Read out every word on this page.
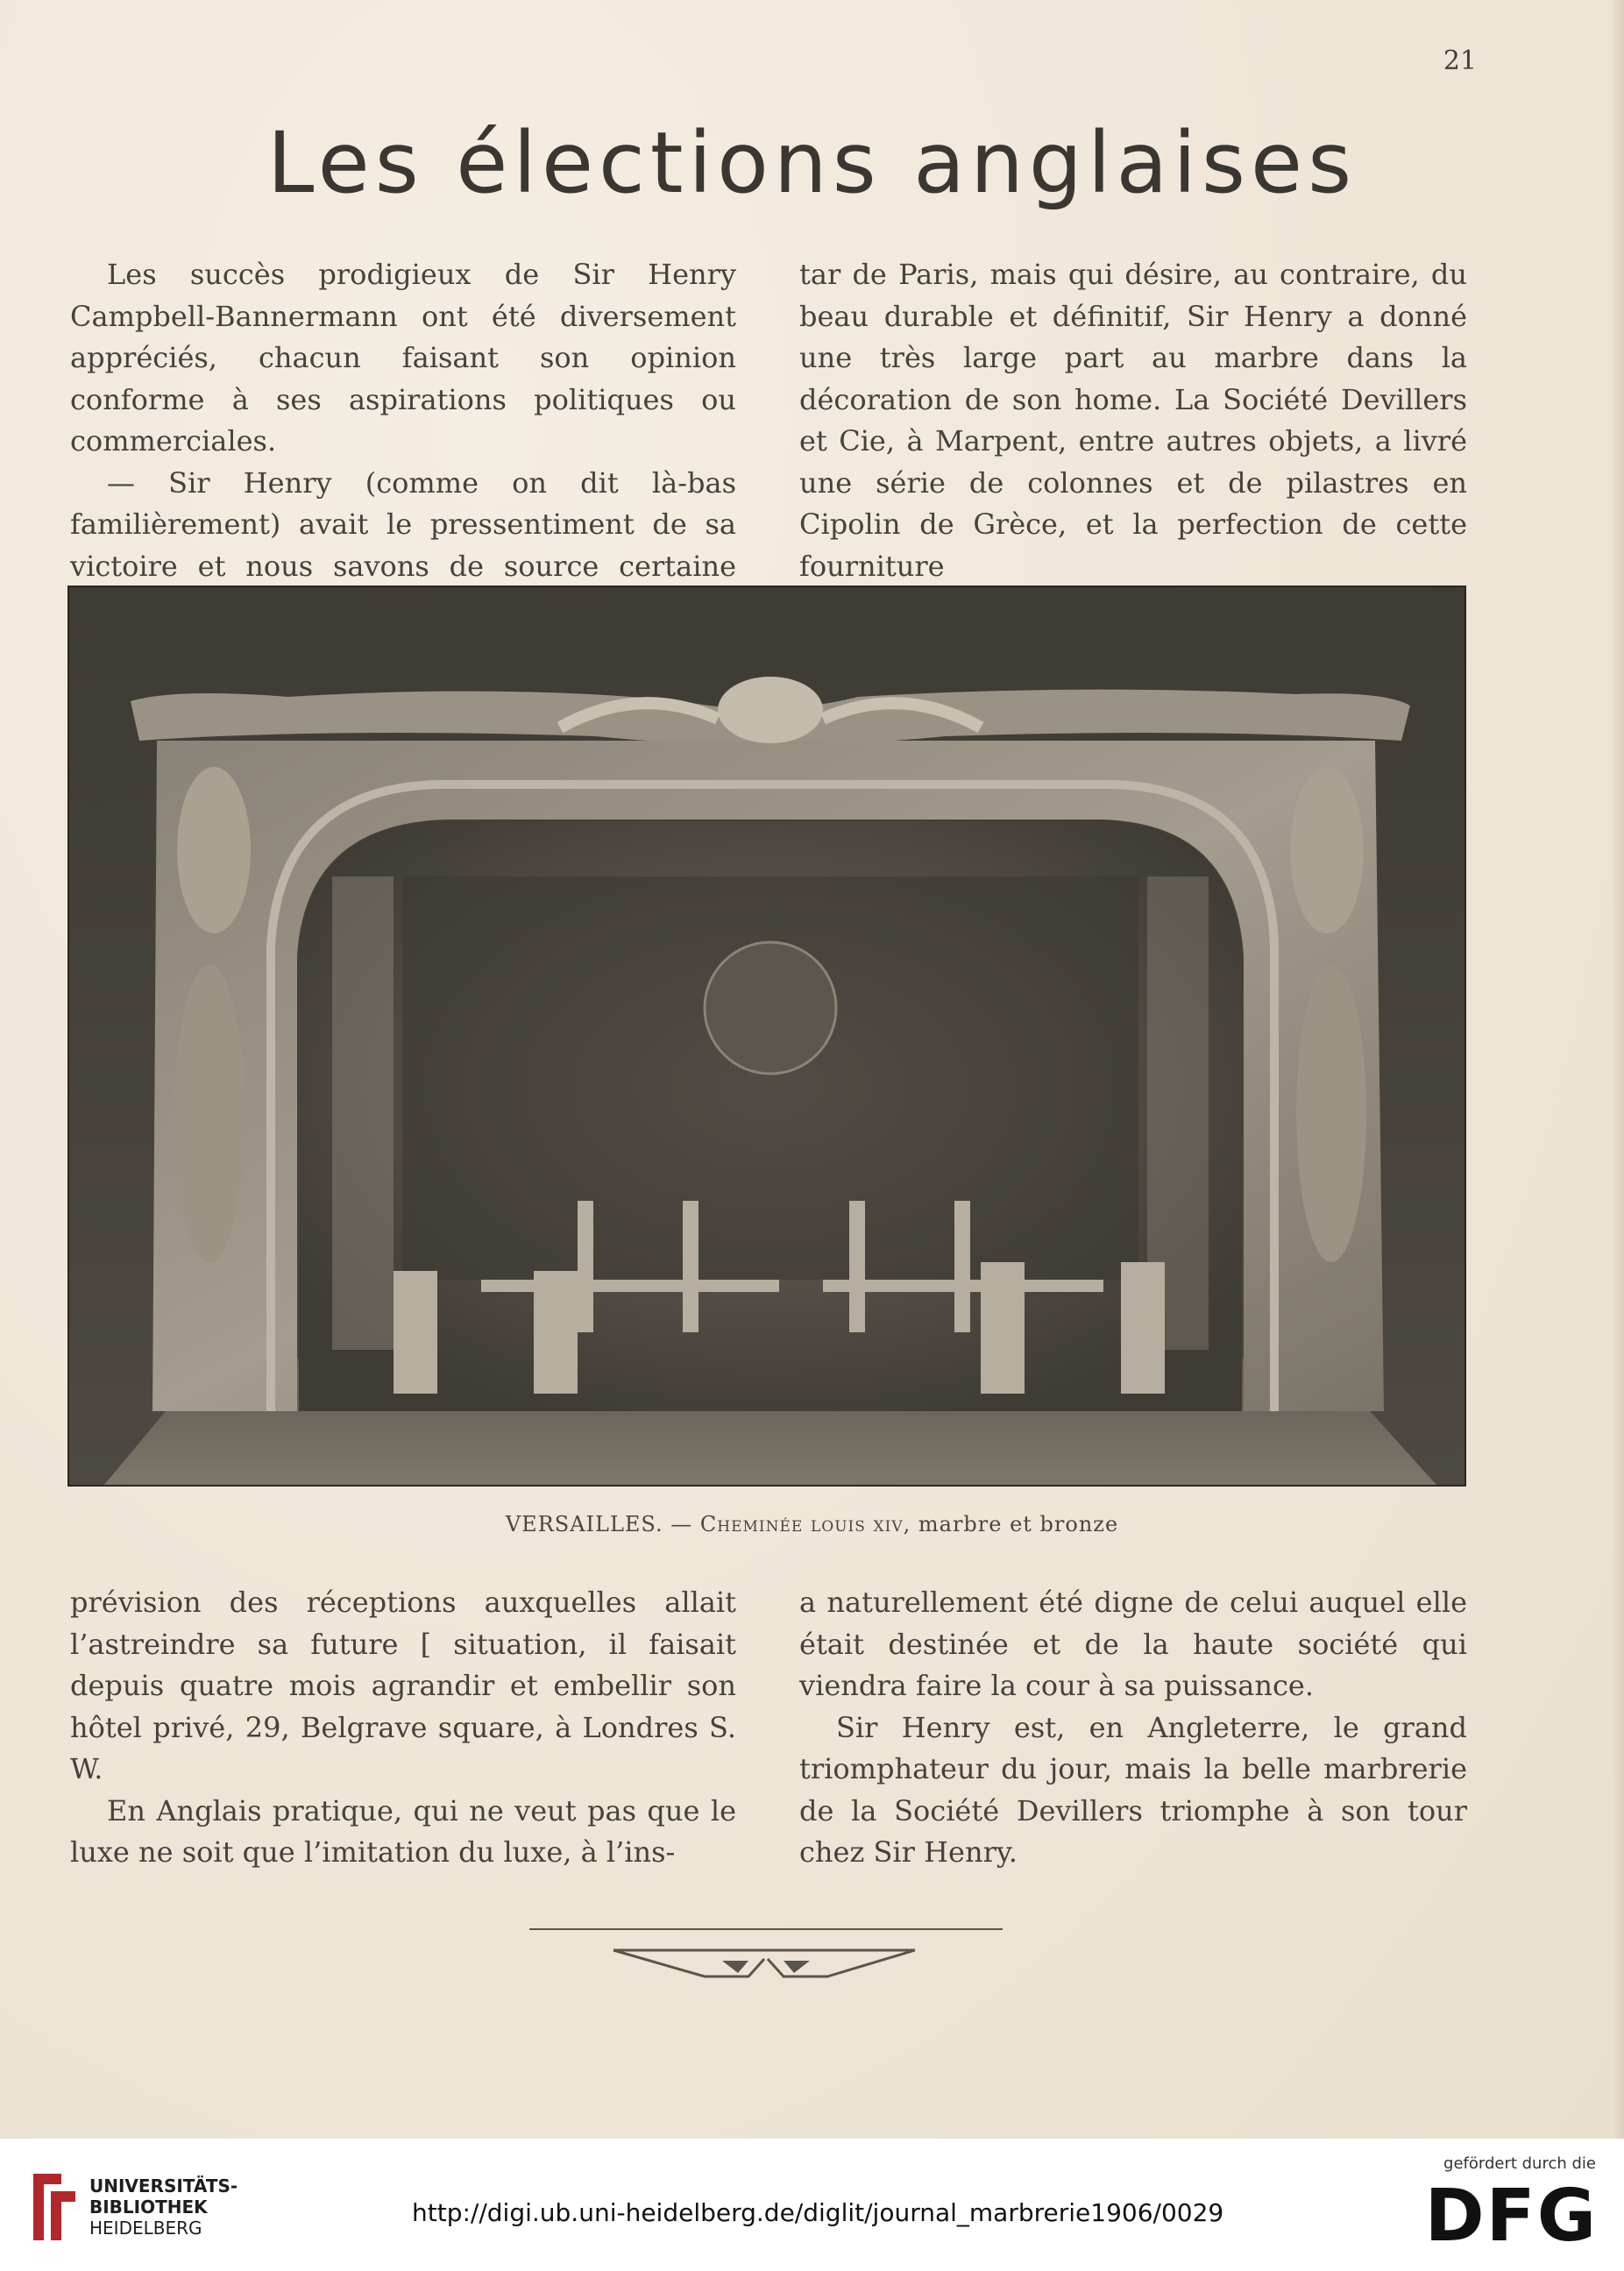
21
Les élections anglaises

Les succès prodigieux de Sir Henry Campbell-Bannermann ont été diversement appréciés, chacun faisant son opinion conforme à ses aspirations politiques ou commerciales.

— Sir Henry (comme on dit là-bas familièrement) avait le pressentiment de sa victoire et nous savons de source certaine

tar de Paris, mais qui désire, au contraire, du beau durable et définitif, Sir Henry a donné une très large part au marbre dans la décoration de son home. La Société Devillers et Cie, à Marpent, entre autres objets, a livré une série de colonnes et de pilastres en Cipolin de Grèce, et la perfection de cette fourniture

VERSAILLES. — Cheminée louis xiv, marbre et bronze

prévision des réceptions auxquelles allait l’astreindre sa future [ situation, il faisait depuis quatre mois agrandir et embellir son hôtel privé, 29, Belgrave square, à Londres S. W.

En Anglais pratique, qui ne veut pas que le luxe ne soit que l’imitation du luxe, à l’ins-

a naturellement été digne de celui auquel elle était destinée et de la haute société qui viendra faire la cour à sa puissance.

Sir Henry est, en Angleterre, le grand triomphateur du jour, mais la belle marbrerie de la Société Devillers triomphe à son tour chez Sir Henry.

UNIVERSITÄTS-
BIBLIOTHEK
HEIDELBERG
http://digi.ub.uni-heidelberg.de/diglit/journal_marbrerie1906/0029
gefördert durch die
DFG
